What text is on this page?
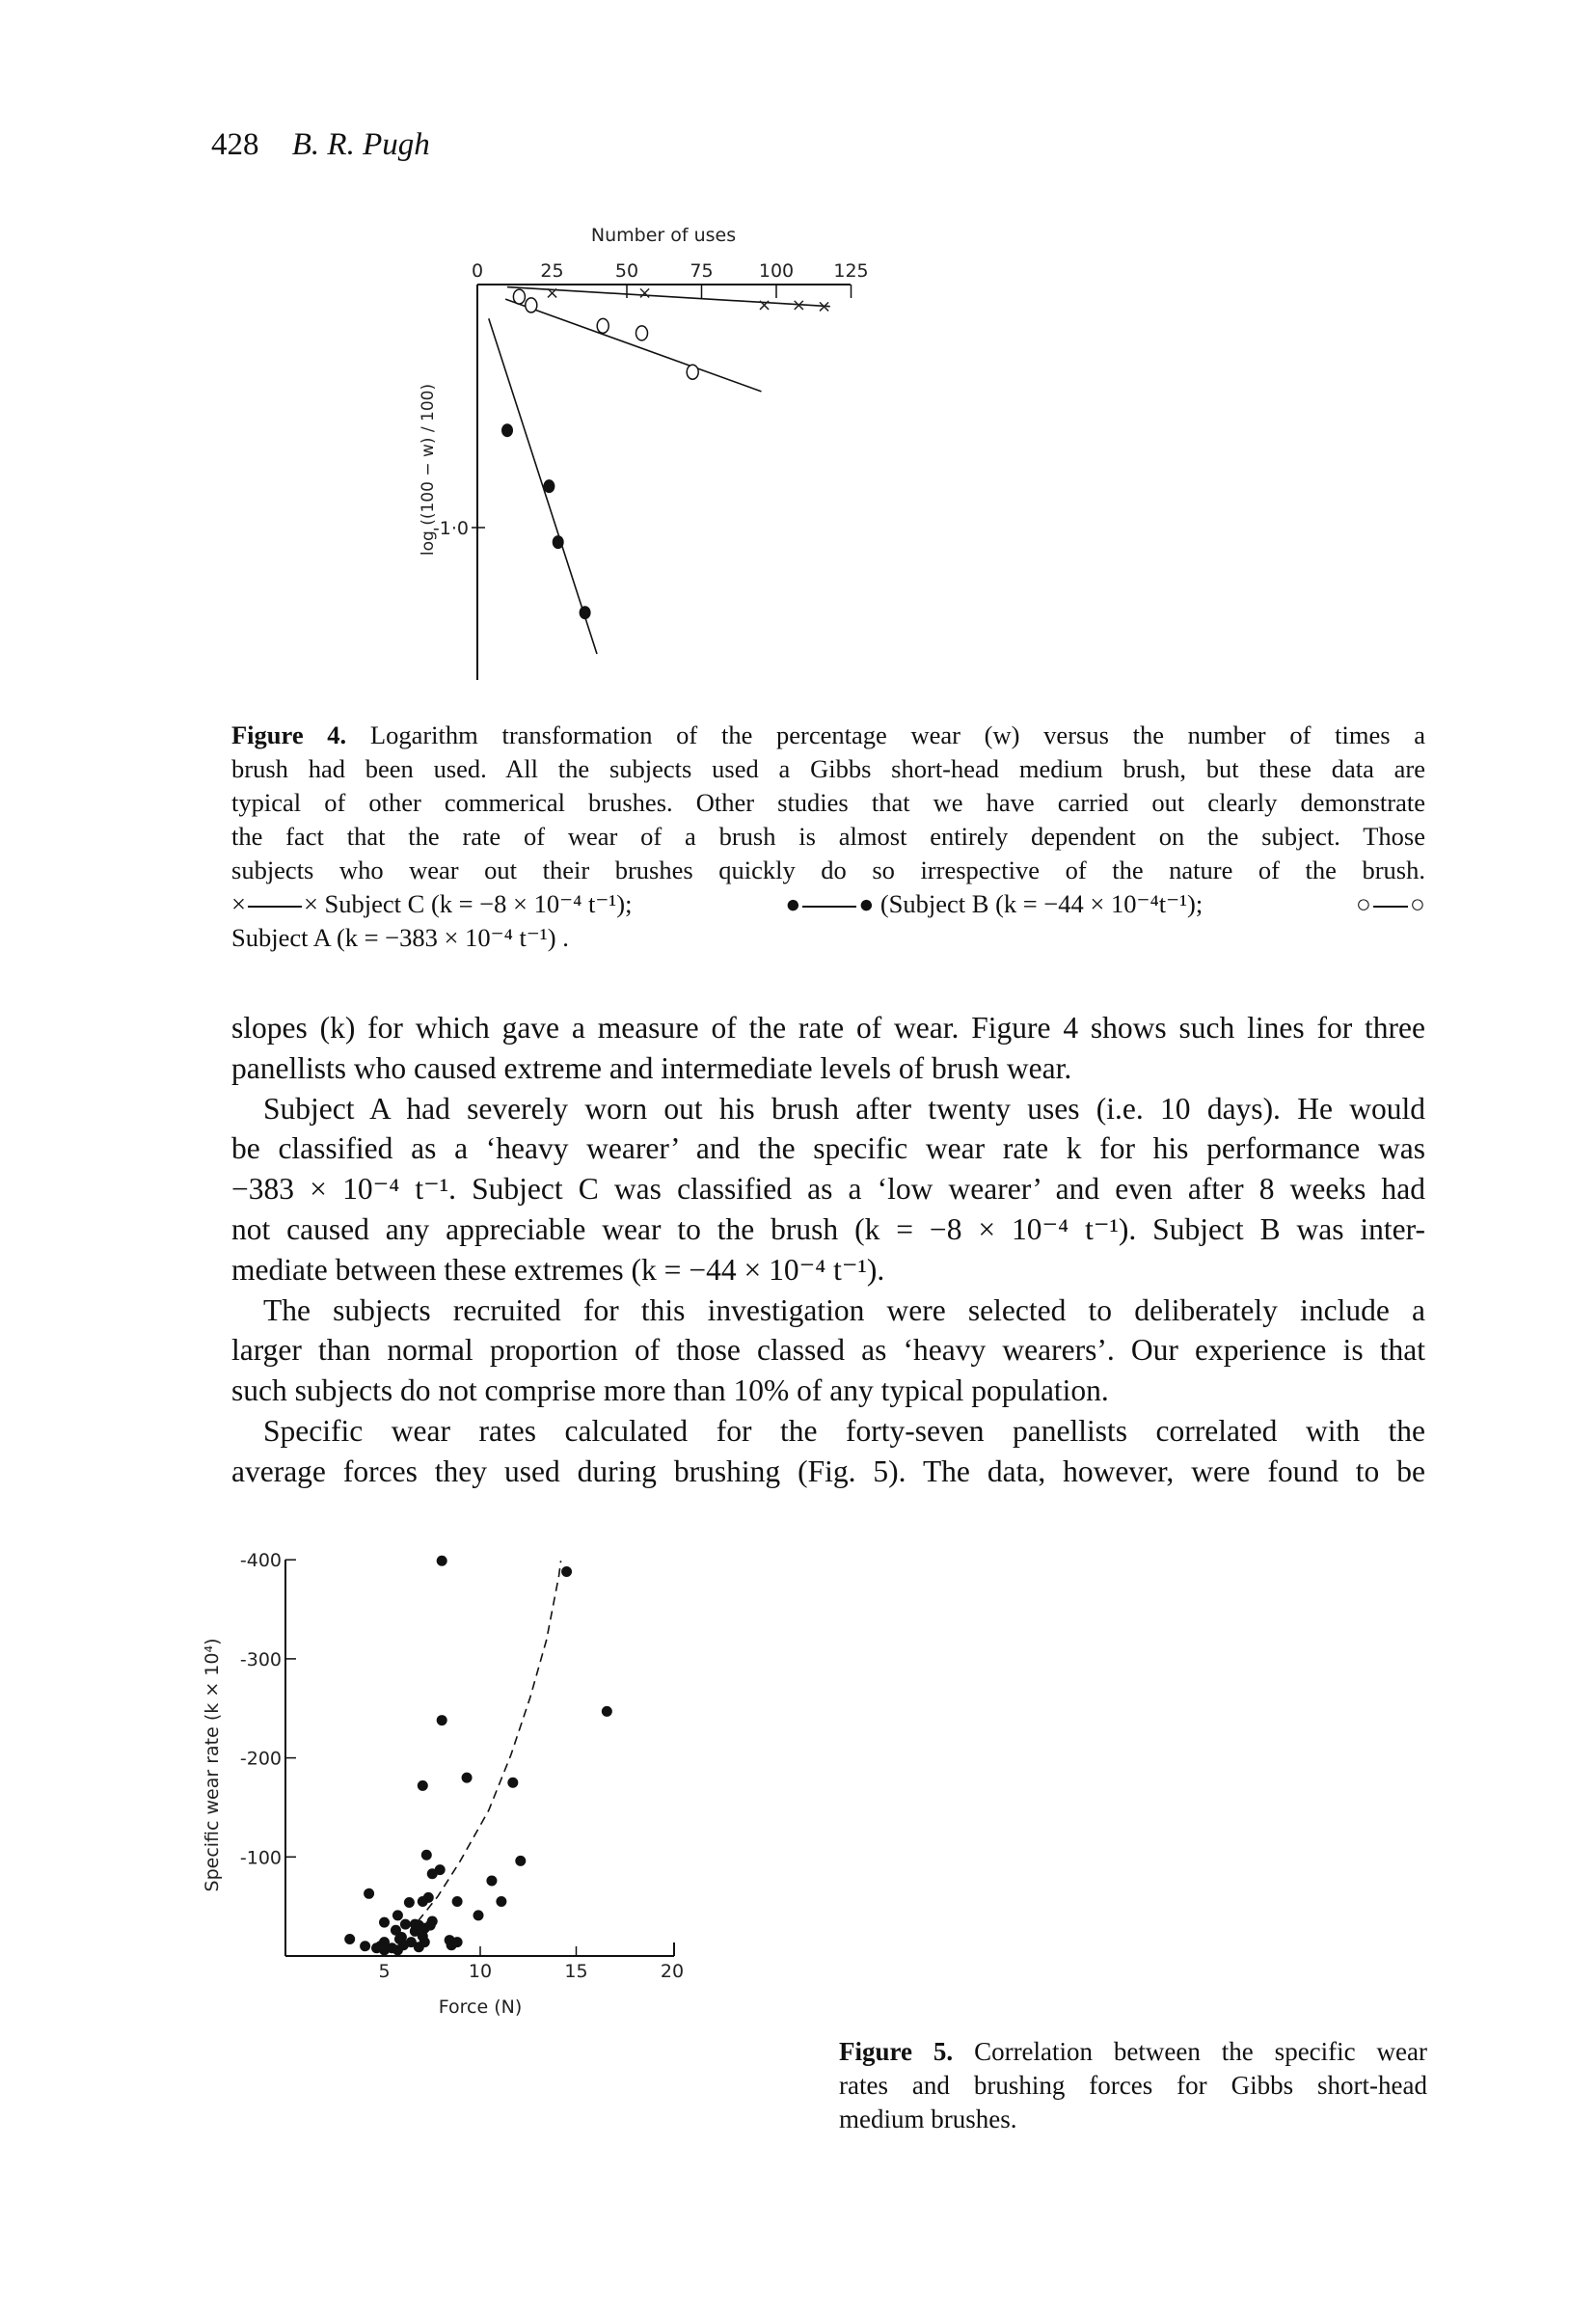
428 B. R. Pugh
Number of uses
0	25	50	75 100 125
-1·0
log ((100 − w) / 100)
×	×
× × ×
5	10	15	20
-100
-200
-300
-400
Force (N)
Specific wear rate (k × 10⁴)
Figure 4. Logarithm transformation of the percentage wear (w) versus the number of times a
brush had been used. All the subjects used a Gibbs short-head medium brush, but these data are
typical of other commerical brushes. Other studies that we have carried out clearly demonstrate
the fact that the rate of wear of a brush is almost entirely dependent on the subject. Those
subjects who wear out their brushes quickly do so irrespective of the nature of the brush.
× × Subject C (k = −8 × 10⁻⁴ t⁻¹);	● ● (Subject B (k = −44 × 10⁻⁴t⁻¹);	○ ○
Subject A (k = −383 × 10⁻⁴ t⁻¹) .
slopes (k) for which gave a measure of the rate of wear. Figure 4 shows such lines for three
panellists who caused extreme and intermediate levels of brush wear.
Subject A had severely worn out his brush after twenty uses (i.e. 10 days). He would
be classified as a ‘heavy wearer’ and the specific wear rate k for his performance was
−383 × 10⁻⁴ t⁻¹. Subject C was classified as a ‘low wearer’ and even after 8 weeks had
not caused any appreciable wear to the brush (k = −8 × 10⁻⁴ t⁻¹). Subject B was inter-
mediate between these extremes (k = −44 × 10⁻⁴ t⁻¹).
The subjects recruited for this investigation were selected to deliberately include a
larger than normal proportion of those classed as ‘heavy wearers’. Our experience is that
such subjects do not comprise more than 10% of any typical population.
Specific wear rates calculated for the forty-seven panellists correlated with the
average forces they used during brushing (Fig. 5). The data, however, were found to be
Figure 5. Correlation between the specific wear
rates and brushing forces for Gibbs short-head
medium brushes.
